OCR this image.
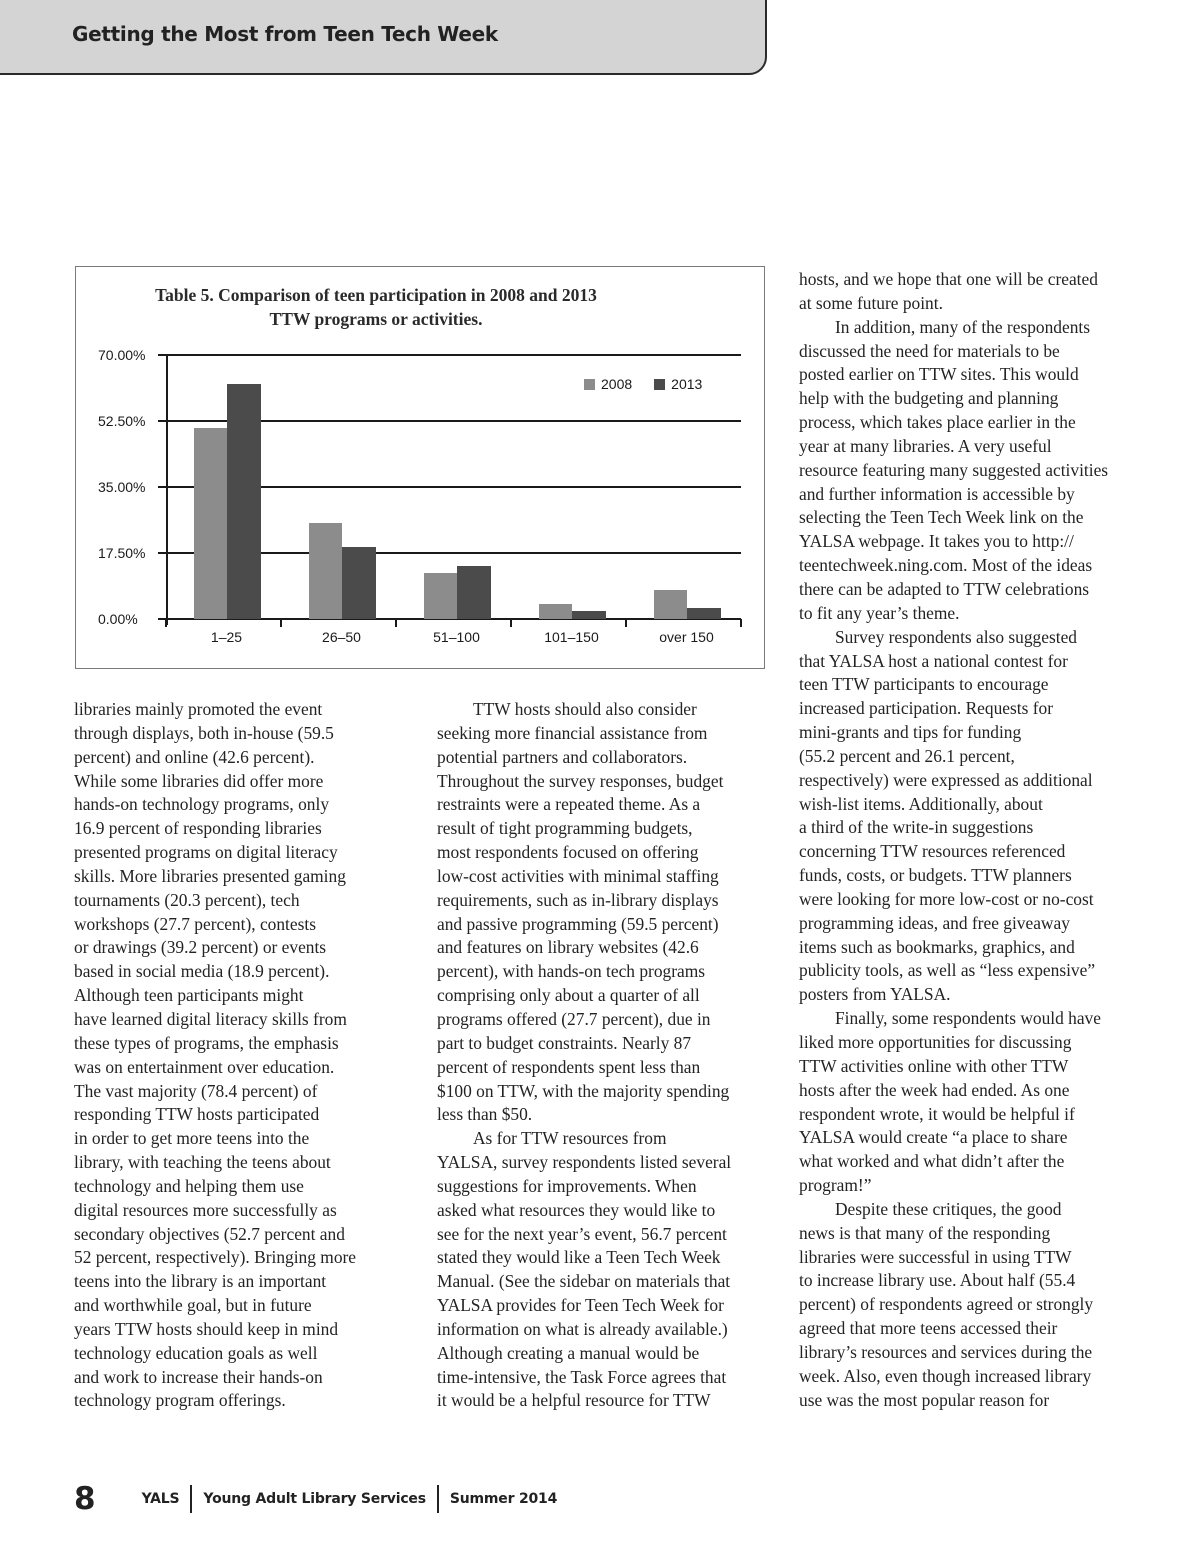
Getting the Most from Teen Tech Week
Table 5. Comparison of teen participation in 2008 and 2013
TTW programs or activities.
0.00%
17.50%
35.00%
52.50%
70.00%
1–25	26–50	51–100	101–150	over 150
2008	2013

libraries mainly promoted the event
through displays, both in-house (59.5
percent) and online (42.6 percent).
While some libraries did offer more
hands-on technology programs, only
16.9 percent of responding libraries
presented programs on digital literacy
skills. More libraries presented gaming
tournaments (20.3 percent), tech
workshops (27.7 percent), contests
or drawings (39.2 percent) or events
based in social media (18.9 percent).
Although teen participants might
have learned digital literacy skills from
these types of programs, the emphasis
was on entertainment over education.
The vast majority (78.4 percent) of
responding TTW hosts participated
in order to get more teens into the
library, with teaching the teens about
technology and helping them use
digital resources more successfully as
secondary objectives (52.7 percent and
52 percent, respectively). Bringing more
teens into the library is an important
and worthwhile goal, but in future
years TTW hosts should keep in mind
technology education goals as well
and work to increase their hands-on
technology program offerings.

TTW hosts should also consider
seeking more financial assistance from
potential partners and collaborators.
Throughout the survey responses, budget
restraints were a repeated theme. As a
result of tight programming budgets,
most respondents focused on offering
low-cost activities with minimal staffing
requirements, such as in-library displays
and passive programming (59.5 percent)
and features on library websites (42.6
percent), with hands-on tech programs
comprising only about a quarter of all
programs offered (27.7 percent), due in
part to budget constraints. Nearly 87
percent of respondents spent less than
$100 on TTW, with the majority spending
less than $50.

As for TTW resources from
YALSA, survey respondents listed several
suggestions for improvements. When
asked what resources they would like to
see for the next year’s event, 56.7 percent
stated they would like a Teen Tech Week
Manual. (See the sidebar on materials that
YALSA provides for Teen Tech Week for
information on what is already available.)
Although creating a manual would be
time-intensive, the Task Force agrees that
it would be a helpful resource for TTW

hosts, and we hope that one will be created
at some future point.

In addition, many of the respondents
discussed the need for materials to be
posted earlier on TTW sites. This would
help with the budgeting and planning
process, which takes place earlier in the
year at many libraries. A very useful
resource featuring many suggested activities
and further information is accessible by
selecting the Teen Tech Week link on the
YALSA webpage. It takes you to http://
teentechweek.ning.com. Most of the ideas
there can be adapted to TTW celebrations
to fit any year’s theme.

Survey respondents also suggested
that YALSA host a national contest for
teen TTW participants to encourage
increased participation. Requests for
mini-grants and tips for funding
(55.2 percent and 26.1 percent,
respectively) were expressed as additional
wish-list items. Additionally, about
a third of the write-in suggestions
concerning TTW resources referenced
funds, costs, or budgets. TTW planners
were looking for more low-cost or no-cost
programming ideas, and free giveaway
items such as bookmarks, graphics, and
publicity tools, as well as “less expensive”
posters from YALSA.

Finally, some respondents would have
liked more opportunities for discussing
TTW activities online with other TTW
hosts after the week had ended. As one
respondent wrote, it would be helpful if
YALSA would create “a place to share
what worked and what didn’t after the
program!”

Despite these critiques, the good
news is that many of the responding
libraries were successful in using TTW
to increase library use. About half (55.4
percent) of respondents agreed or strongly
agreed that more teens accessed their
library’s resources and services during the
week. Also, even though increased library
use was the most popular reason for

8	YALS Young Adult Library Services Summer 2014
